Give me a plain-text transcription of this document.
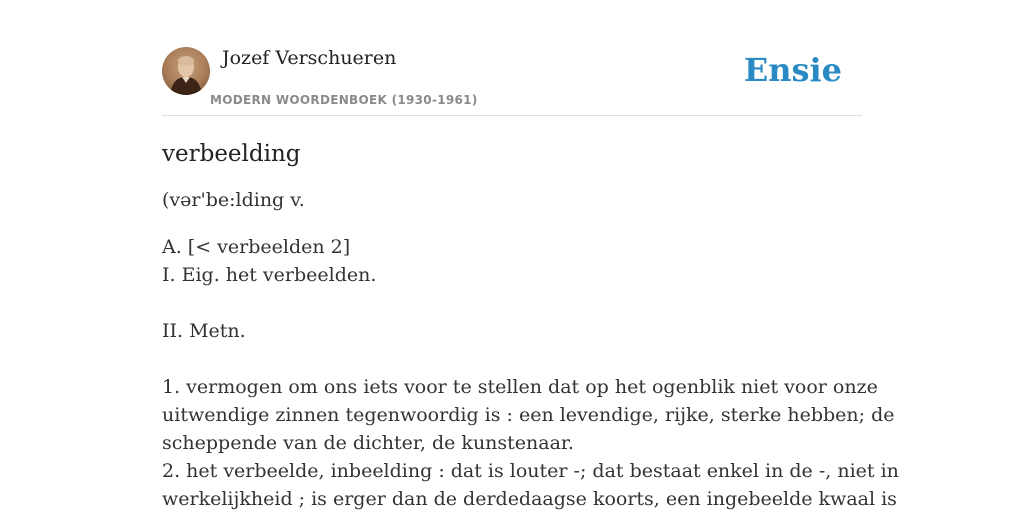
Jozef Verschueren
MODERN WOORDENBOEK (1930-1961)
Ensie
verbeelding

(vər'be:lding v.

A. [< verbeelden 2]
I. Eig. het verbeelden.
II. Metn.
1. vermogen om ons iets voor te stellen dat op het ogenblik niet voor onze
uitwendige zinnen tegenwoordig is : een levendige, rijke, sterke hebben; de
scheppende van de dichter, de kunstenaar.
2. het verbeelde, inbeelding : dat is louter -; dat bestaat enkel in de -, niet in
werkelijkheid ; is erger dan de derdedaagse koorts, een ingebeelde kwaal is
